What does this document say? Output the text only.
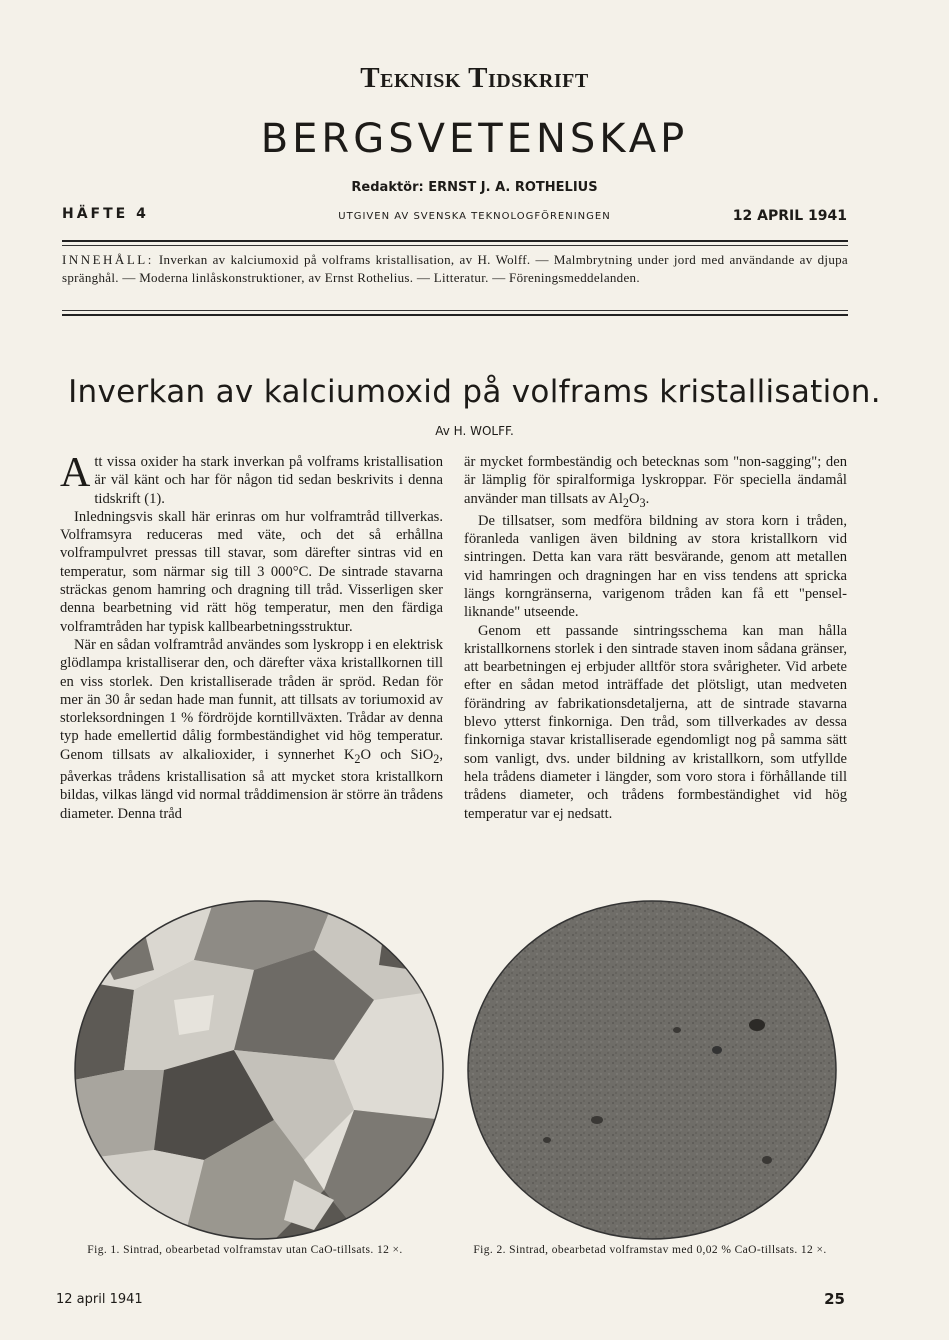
Teknisk Tidskrift
BERGSVETENSKAP
Redaktör: ERNST J. A. ROTHELIUS
HÄFTE 4	UTGIVEN AV SVENSKA TEKNOLOGFÖRENINGEN	12 APRIL 1941
INNEHÅLL: Inverkan av kalciumoxid på volframs kristallisation, av H. Wolff. — Malmbrytning under jord med användande av djupa spränghål. — Moderna linlåskonstruktioner, av Ernst Rothelius. — Litteratur. — Föreningsmeddelanden.
Inverkan av kalciumoxid på volframs kristallisation.
Av H. WOLFF.

Att vissa oxider ha stark inverkan på volframs kristallisation är väl känt och har för någon tid sedan beskrivits i denna tidskrift (1).

Inledningsvis skall här erinras om hur volframtråd tillverkas. Volframsyra reduceras med väte, och det så erhållna volframpulvret pressas till stavar, som därefter sintras vid en temperatur, som närmar sig till 3 000°C. De sintrade stavarna sträckas genom hamring och dragning till tråd. Visserligen sker denna bearbetning vid rätt hög temperatur, men den färdiga volframtråden har typisk kallbearbetningsstruktur.

När en sådan volframtråd användes som lyskropp i en elektrisk glödlampa kristalliserar den, och därefter växa kristallkornen till en viss storlek. Den kristalliserade tråden är spröd. Redan för mer än 30 år sedan hade man funnit, att tillsats av toriumoxid av storleksordningen 1 % fördröjde korntillväxten. Trådar av denna typ hade emellertid dålig formbeständighet vid hög temperatur. Genom tillsats av alkalioxider, i synnerhet $K_2O$ och SiO$_2$, påverkas trådens kristallisation så att mycket stora kristallkorn bildas, vilkas längd vid normal tråddimension är större än trådens diameter. Denna tråd

är mycket formbeständig och betecknas som "non-sagging"; den är lämplig för spiralformiga lyskroppar. För speciella ändamål använder man tillsats av $Al_2O_3$.

De tillsatser, som medföra bildning av stora korn i tråden, föranleda vanligen även bildning av stora kristallkorn vid sintringen. Detta kan vara rätt besvärande, genom att metallen vid hamringen och dragningen har en viss tendens att spricka längs korngränserna, varigenom tråden kan få ett "pensel-liknande" utseende.

Genom ett passande sintringsschema kan man hålla kristallkornens storlek i den sintrade staven inom sådana gränser, att bearbetningen ej erbjuder alltför stora svårigheter. Vid arbete efter en sådan metod inträffade det plötsligt, utan medveten förändring av fabrikationsdetaljerna, att de sintrade stavarna blevo ytterst finkorniga. Den tråd, som tillverkades av dessa finkorniga stavar kristalliserade egendomligt nog på samma sätt som vanligt, dvs. under bildning av kristallkorn, som utfyllde hela trådens diameter i längder, som voro stora i förhållande till trådens diameter, och trådens formbeständighet vid hög temperatur var ej nedsatt.

Fig. 1. Sintrad, obearbetad volframstav utan CaO-tillsats. 12 ×.	Fig. 2. Sintrad, obearbetad volframstav med 0,02 % CaO-tillsats. 12 ×.
12 april 1941	25
